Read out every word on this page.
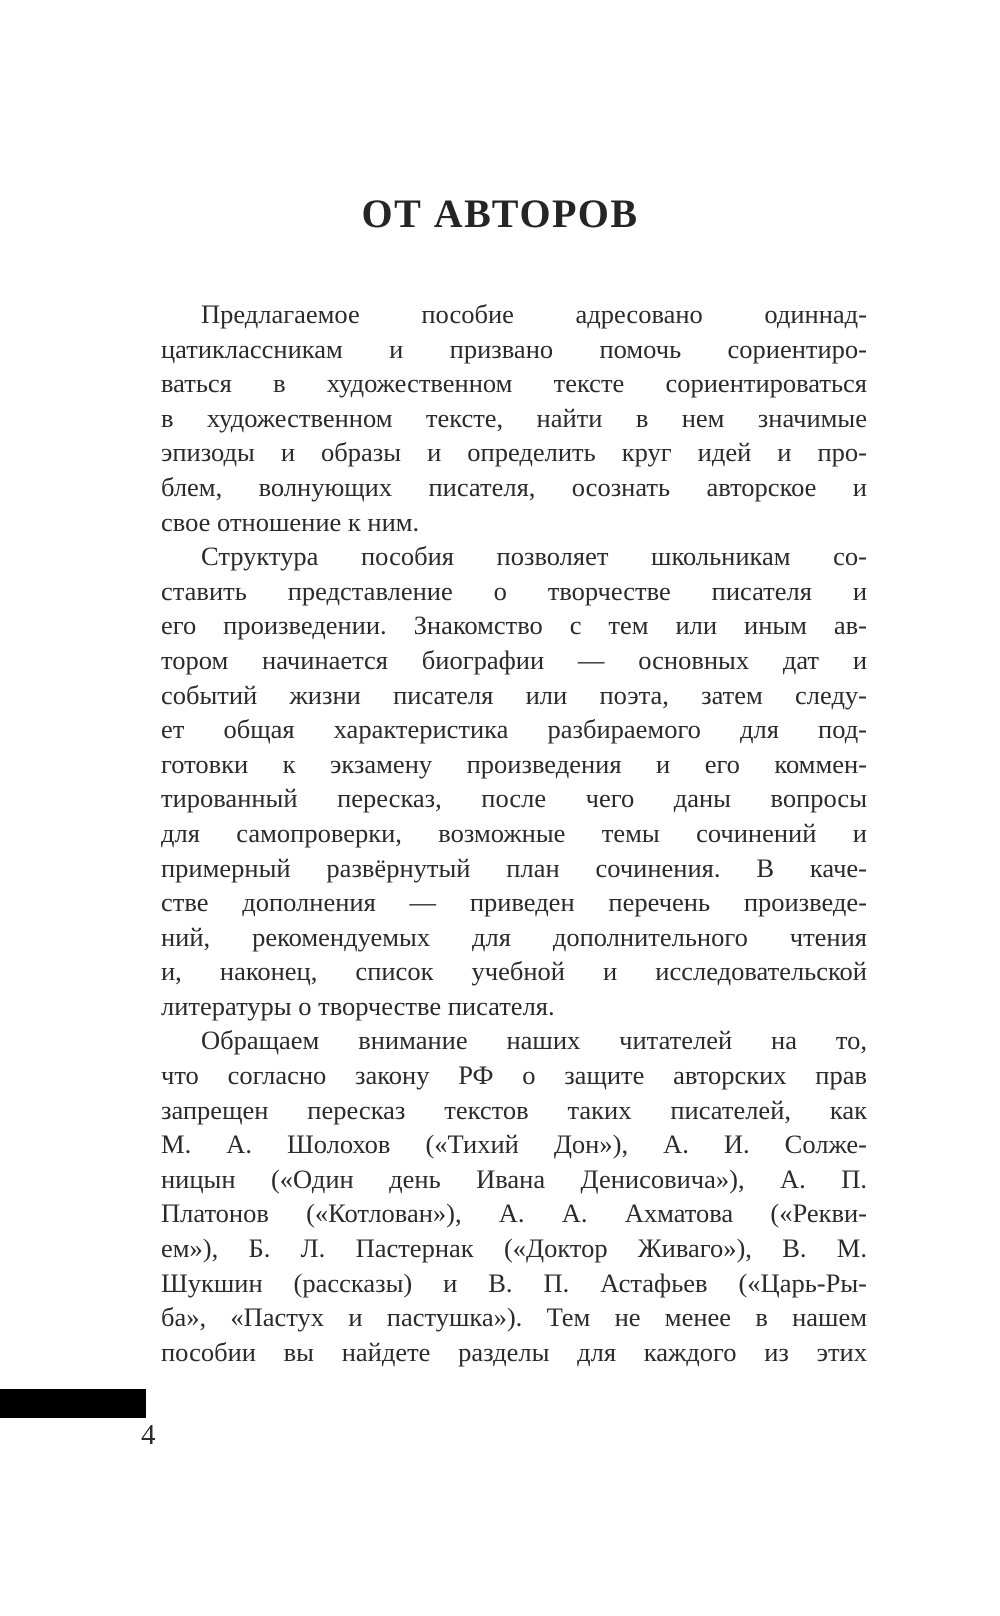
ОТ АВТОРОВ
Предлагаемое пособие адресовано одиннад-
цатиклассникам и призвано помочь сориентиро-
ваться в художественном тексте сориентироваться
в художественном тексте, найти в нем значимые
эпизоды и образы и определить круг идей и про-
блем, волнующих писателя, осознать авторское и
свое отношение к ним.
Структура пособия позволяет школьникам со-
ставить представление о творчестве писателя и
его произведении. Знакомство с тем или иным ав-
тором начинается биографии — основных дат и
событий жизни писателя или поэта, затем следу-
ет общая характеристика разбираемого для под-
готовки к экзамену произведения и его коммен-
тированный пересказ, после чего даны вопросы
для самопроверки, возможные темы сочинений и
примерный развёрнутый план сочинения. В каче-
стве дополнения — приведен перечень произведе-
ний, рекомендуемых для дополнительного чтения
и, наконец, список учебной и исследовательской
литературы о творчестве писателя.
Обращаем внимание наших читателей на то,
что согласно закону РФ о защите авторских прав
запрещен пересказ текстов таких писателей, как
М. А. Шолохов («Тихий Дон»), А. И. Солже-
ницын («Один день Ивана Денисовича»), А. П.
Платонов («Котлован»), А. А. Ахматова («Рекви-
ем»), Б. Л. Пастернак («Доктор Живаго»), В. М.
Шукшин (рассказы) и В. П. Астафьев («Царь-Ры-
ба», «Пастух и пастушка»). Тем не менее в нашем
пособии вы найдете разделы для каждого из этих
4
